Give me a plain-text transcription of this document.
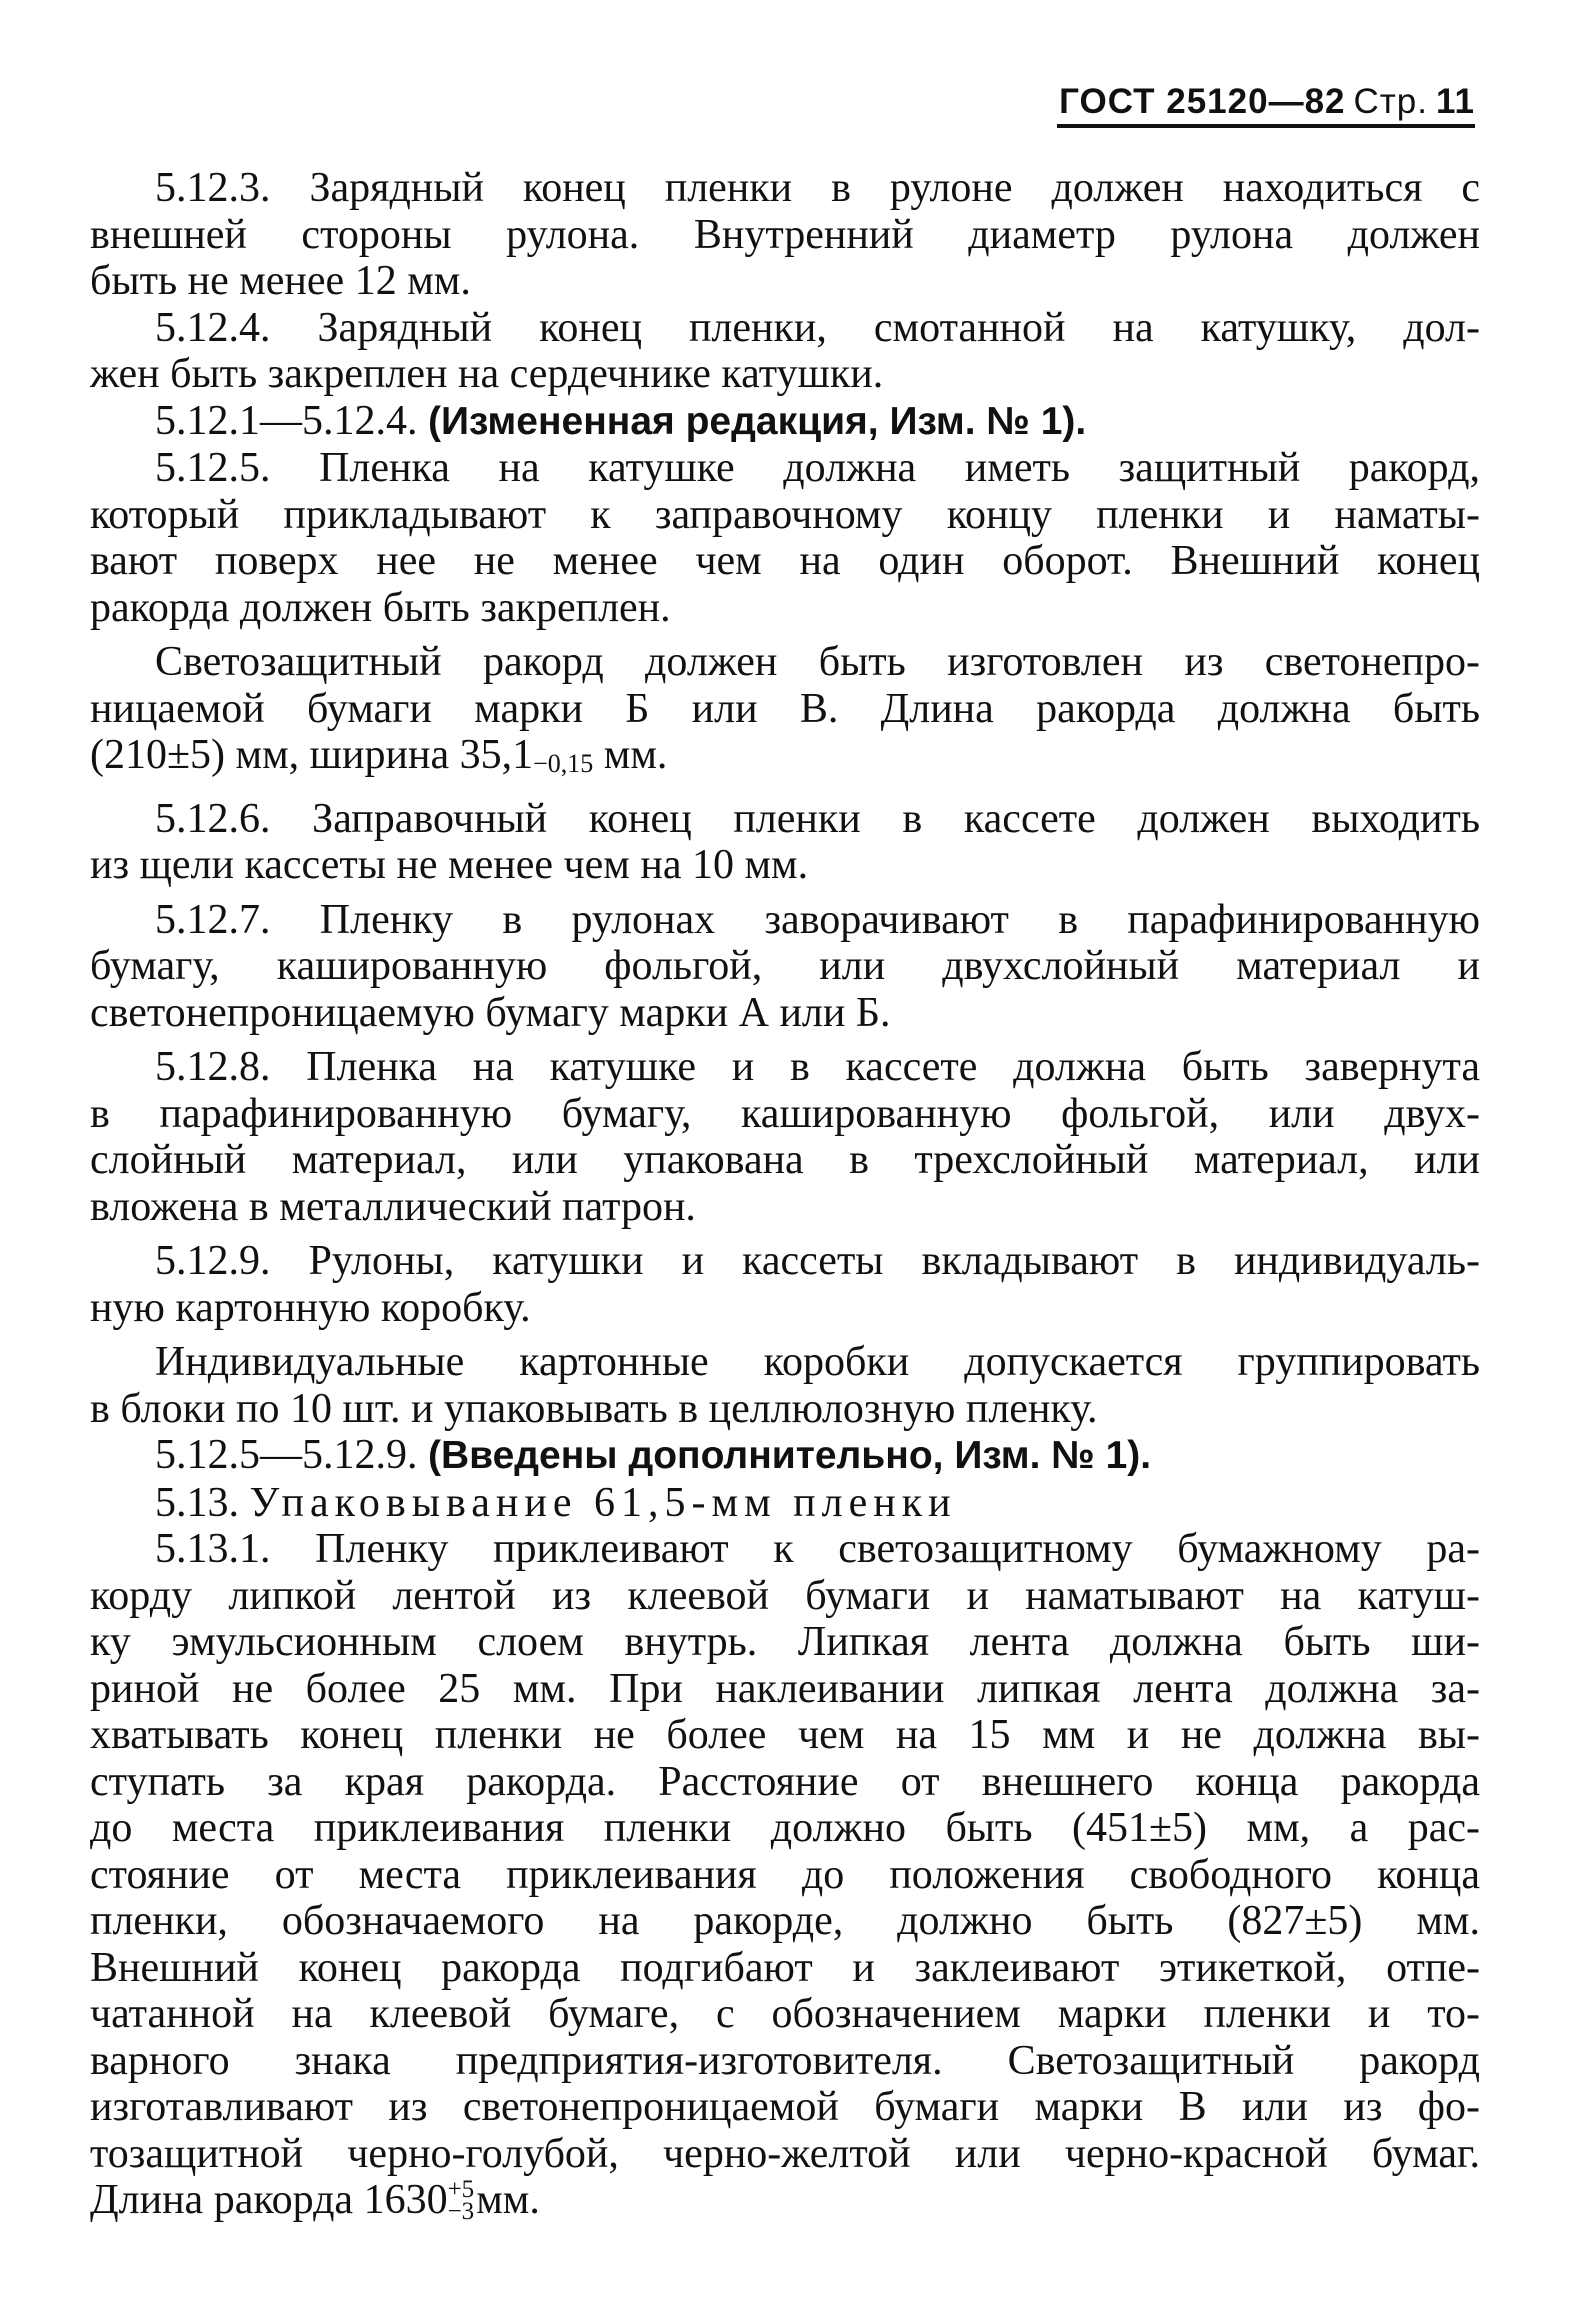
ГОСТ 25120—82 Стр. 11
5.12.3. Зарядный конец пленки в рулоне должен находиться с
внешней стороны рулона. Внутренний диаметр рулона должен
быть не менее 12 мм.
5.12.4. Зарядный конец пленки, смотанной на катушку, дол-
жен быть закреплен на сердечнике катушки.
5.12.1—5.12.4. (Измененная редакция, Изм. № 1).
5.12.5. Пленка на катушке должна иметь защитный ракорд,
который прикладывают к заправочному концу пленки и наматы-
вают поверх нее не менее чем на один оборот. Внешний конец
ракорда должен быть закреплен.
Светозащитный ракорд должен быть изготовлен из светонепро-
ницаемой бумаги марки Б или В. Длина ракорда должна быть
(210±5) мм, ширина 35,1−0,15 мм.
5.12.6. Заправочный конец пленки в кассете должен выходить
из щели кассеты не менее чем на 10 мм.
5.12.7. Пленку в рулонах заворачивают в парафинированную
бумагу, кашированную фольгой, или двухслойный материал и
светонепроницаемую бумагу марки А или Б.
5.12.8. Пленка на катушке и в кассете должна быть завернута
в парафинированную бумагу, кашированную фольгой, или двух-
слойный материал, или упакована в трехслойный материал, или
вложена в металлический патрон.
5.12.9. Рулоны, катушки и кассеты вкладывают в индивидуаль-
ную картонную коробку.
Индивидуальные картонные коробки допускается группировать
в блоки по 10 шт. и упаковывать в целлюлозную пленку.
5.12.5—5.12.9. (Введены дополнительно, Изм. № 1).
5.13. Упаковывание 61,5-мм пленки
5.13.1. Пленку приклеивают к светозащитному бумажному ра-
корду липкой лентой из клеевой бумаги и наматывают на катуш-
ку эмульсионным слоем внутрь. Липкая лента должна быть ши-
риной не более 25 мм. При наклеивании липкая лента должна за-
хватывать конец пленки не более чем на 15 мм и не должна вы-
ступать за края ракорда. Расстояние от внешнего конца ракорда
до места приклеивания пленки должно быть (451±5) мм, а рас-
стояние от места приклеивания до положения свободного конца
пленки, обозначаемого на ракорде, должно быть (827±5) мм.
Внешний конец ракорда подгибают и заклеивают этикеткой, отпе-
чатанной на клеевой бумаге, с обозначением марки пленки и то-
варного знака предприятия-изготовителя. Светозащитный ракорд
изготавливают из светонепроницаемой бумаги марки В или из фо-
тозащитной черно-голубой, черно-желтой или черно-красной бумаг.
Длина ракорда 1630 +5
−3 мм.
